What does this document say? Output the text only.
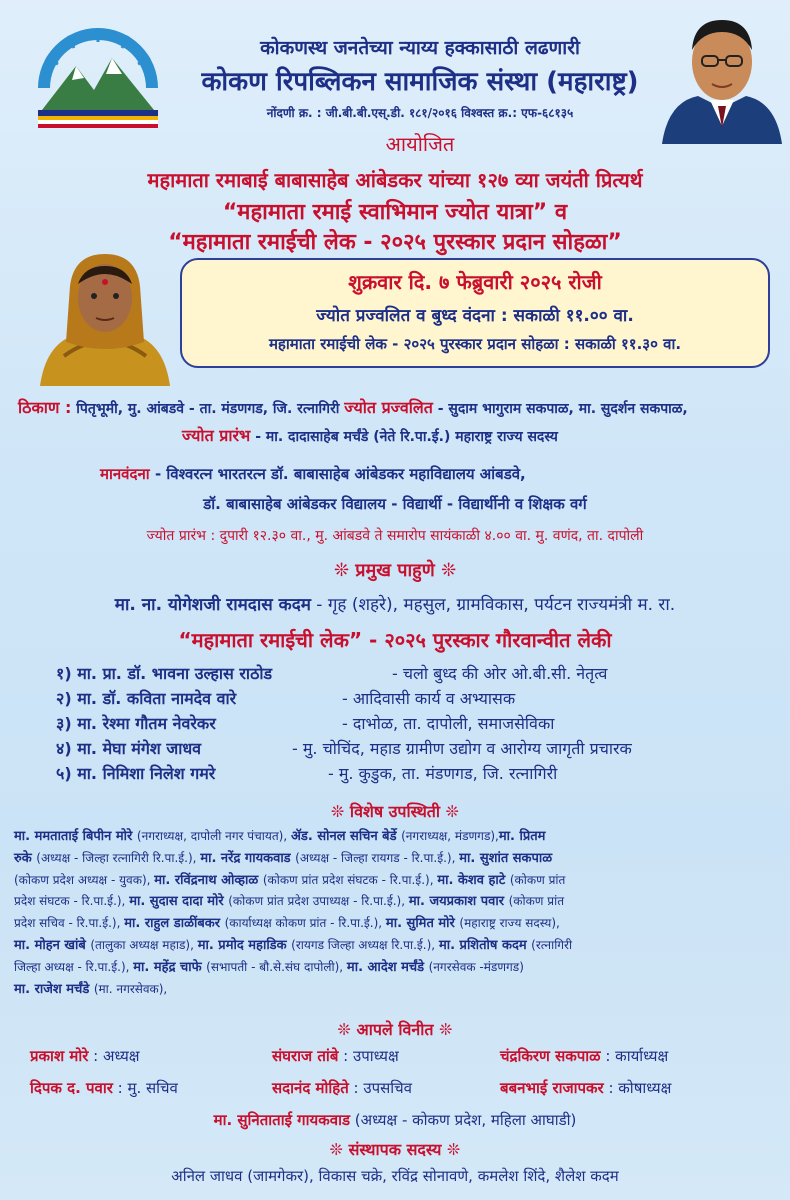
कोकणस्थ जनतेच्या न्याय्य हक्कासाठी लढणारी
कोकण रिपब्लिकन सामाजिक संस्था (महाराष्ट्र)
नोंदणी क्र. : जी.बी.बी.एस्.डी. १८१/२०१६ विश्वस्त क्र.: एफ-६८१३५
आयोजित
महामाता रमाबाई बाबासाहेब आंबेडकर यांच्या १२७ व्या जयंती प्रित्यर्थ
“महामाता रमाई स्वाभिमान ज्योत यात्रा” व
“महामाता रमाईची लेक - २०२५ पुरस्कार प्रदान सोहळा”
शुक्रवार दि. ७ फेब्रुवारी २०२५ रोजी
ज्योत प्रज्वलित व बुध्द वंदना : सकाळी ११.०० वा.
महामाता रमाईची लेक - २०२५ पुरस्कार प्रदान सोहळा : सकाळी ११.३० वा.
ठिकाण : पितृभूमी, मु. आंबडवे - ता. मंडणगड, जि. रत्नागिरी ज्योत प्रज्वलित - सुदाम भागुराम सकपाळ, मा. सुदर्शन सकपाळ,
ज्योत प्रारंभ - मा. दादासाहेब मर्चंडे (नेते रि.पा.ई.) महाराष्ट्र राज्य सदस्य
मानवंदना - विश्वरत्न भारतरत्न डॉ. बाबासाहेब आंबेडकर महाविद्यालय आंबडवे,
डॉ. बाबासाहेब आंबेडकर विद्यालय - विद्यार्थी - विद्यार्थीनी व शिक्षक वर्ग
ज्योत प्रारंभ : दुपारी १२.३० वा., मु. आंबडवे ते समारोप सायंकाळी ४.०० वा. मु. वणंद, ता. दापोली
❊ प्रमुख पाहुणे ❊
मा. ना. योगेशजी रामदास कदम - गृह (शहरे), महसुल, ग्रामविकास, पर्यटन राज्यमंत्री म. रा.
“महामाता रमाईची लेक” - २०२५ पुरस्कार गौरवान्वीत लेकी
१) मा. प्रा. डॉ. भावना उल्हास राठोड	- चलो बुध्द की ओर ओ.बी.सी. नेतृत्व
२) मा. डॉ. कविता नामदेव वारे	- आदिवासी कार्य व अभ्यासक
३) मा. रेश्मा गौतम नेवरेकर	- दाभोळ, ता. दापोली, समाजसेविका
४) मा. मेघा मंगेश जाधव	- मु. चोचिंद, महाड ग्रामीण उद्योग व आरोग्य जागृती प्रचारक
५) मा. निमिशा निलेश गमरे	- मु. कुडुक, ता. मंडणगड, जि. रत्नागिरी
❊ विशेष उपस्थिती ❊
मा. ममताताई बिपीन मोरे (नगराध्यक्ष, दापोली नगर पंचायत), ॲड. सोनल सचिन बेर्डे (नगराध्यक्ष, मंडणगड),मा. प्रितम
रुके (अध्यक्ष - जिल्हा रत्नागिरी रि.पा.ई.), मा. नरेंद्र गायकवाड (अध्यक्ष - जिल्हा रायगड - रि.पा.ई.), मा. सुशांत सकपाळ
(कोकण प्रदेश अध्यक्ष - युवक), मा. रविंद्रनाथ ओव्हाळ (कोकण प्रांत प्रदेश संघटक - रि.पा.ई.), मा. केशव हाटे (कोकण प्रांत
प्रदेश संघटक - रि.पा.ई.), मा. सुदास दादा मोरे (कोकण प्रांत प्रदेश उपाध्यक्ष - रि.पा.ई.), मा. जयप्रकाश पवार (कोकण प्रांत
प्रदेश सचिव - रि.पा.ई.), मा. राहुल डाळींबकर (कार्याध्यक्ष कोकण प्रांत - रि.पा.ई.), मा. सुमित मोरे (महाराष्ट्र राज्य सदस्य),
मा. मोहन खांबे (तालुका अध्यक्ष महाड), मा. प्रमोद महाडिक (रायगड जिल्हा अध्यक्ष रि.पा.ई.), मा. प्रशितोष कदम (रत्नागिरी
जिल्हा अध्यक्ष - रि.पा.ई.), मा. महेंद्र चाफे (सभापती - बौ.से.संघ दापोली), मा. आदेश मर्चंडे (नगरसेवक -मंडणगड)
मा. राजेश मर्चंडे (मा. नगरसेवक),
❊ आपले विनीत ❊
प्रकाश मोरे : अध्यक्ष	संघराज तांबे : उपाध्यक्ष	चंद्रकिरण सकपाळ : कार्याध्यक्ष
दिपक द. पवार : मु. सचिव	सदानंद मोहिते : उपसचिव	बबनभाई राजापकर : कोषाध्यक्ष
मा. सुनिताताई गायकवाड (अध्यक्ष - कोकण प्रदेश, महिला आघाडी)
❊ संस्थापक सदस्य ❊
अनिल जाधव (जामगेकर), विकास चक्रे, रविंद्र सोनावणे, कमलेश शिंदे, शैलेश कदम
